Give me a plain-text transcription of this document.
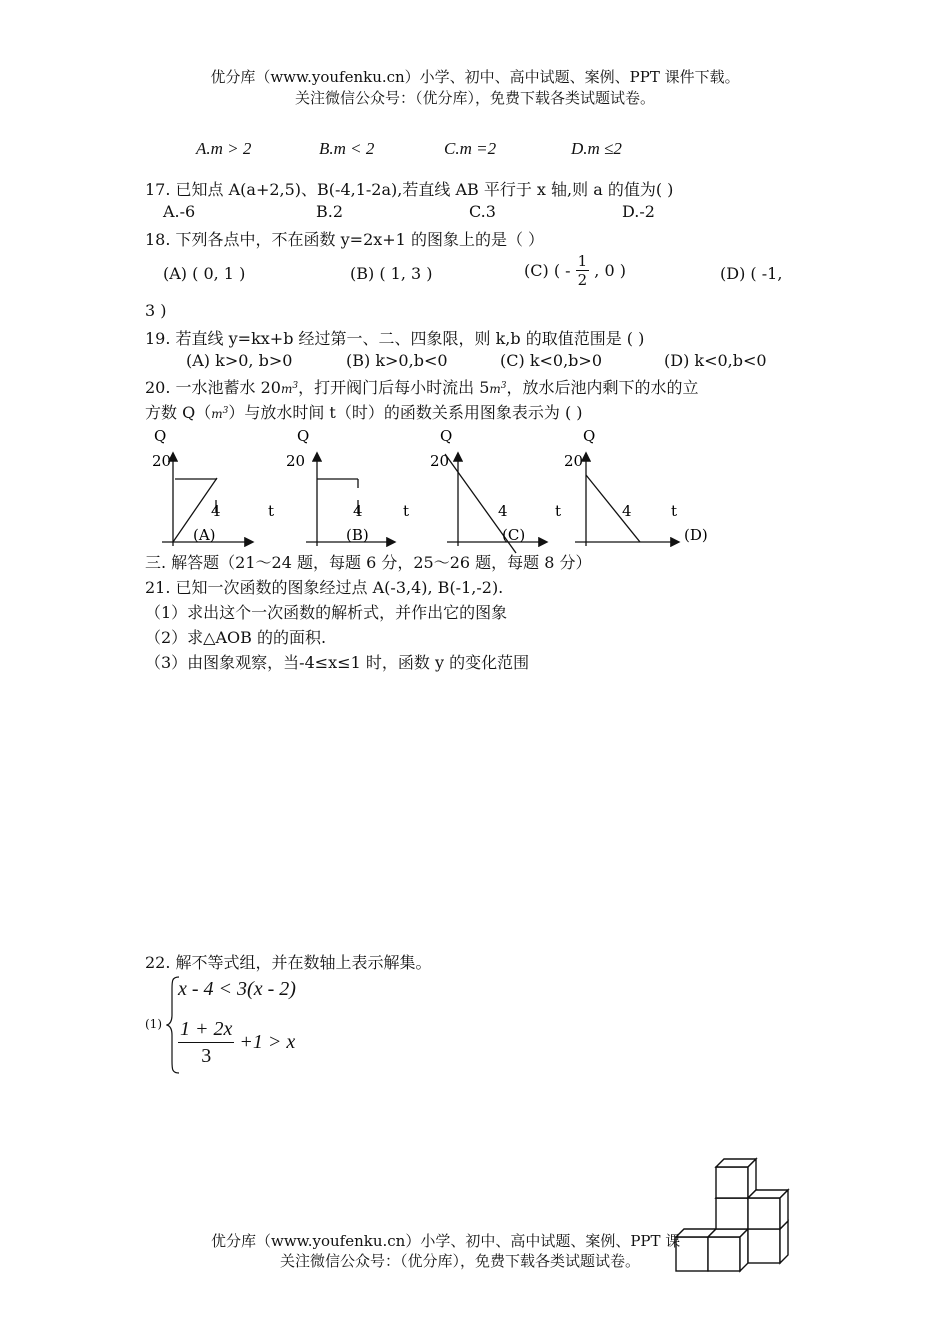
优分库（www.youfenku.cn）小学、初中、高中试题、案例、PPT 课件下载。
关注微信公众号：（优分库），免费下载各类试题试卷。
A.m > 2	B.m < 2	C.m =2	D.m ≤2
17. 已知点 A(a+2,5)、B(-4,1-2a),若直线 AB 平行于 x 轴,则 a 的值为( )
A.-6	B.2	C.3	D.-2
18. 下列各点中，不在函数 y=2x+1 的图象上的是（ ）
(A) ( 0, 1 )	(B) ( 1, 3 )	(C) ( - $\frac{1}{2}$ , 0 )	(D) ( -1,
3 )
19. 若直线 y=kx+b 经过第一、二、四象限，则 k,b 的取值范围是 ( )
(A) k>0, b>0	(B) k>0,b<0	(C) k<0,b>0	(D) k<0,b<0
20. 一水池蓄水 $20m^3$，打开阀门后每小时流出 $5m^3$，放水后池内剩下的水的立
方数 $Q(m^3)$与放水时间 t（时）的函数关系用图象表示为 ( )
Q
20
4	t
(A)
Q
20
4	t
(B)
Q
20
4	t
(C)
Q
20
4	t
(D)
三. 解答题（21～24 题，每题 6 分，25～26 题，每题 8 分）
21. 已知一次函数的图象经过点 A(-3,4), B(-1,-2).
（1）求出这个一次函数的解析式，并作出它的图象
（2）求△AOB 的的面积.
（3）由图象观察，当-4≤x≤1 时，函数 y 的变化范围
22. 解不等式组，并在数轴上表示解集。
(1)
x - 4 < 3(x - 2)
$\frac{1 + 2x}{3} +1 > x$
优分库（www.youfenku.cn）小学、初中、高中试题、案例、PPT 课
关注微信公众号：（优分库），免费下载各类试题试卷。
